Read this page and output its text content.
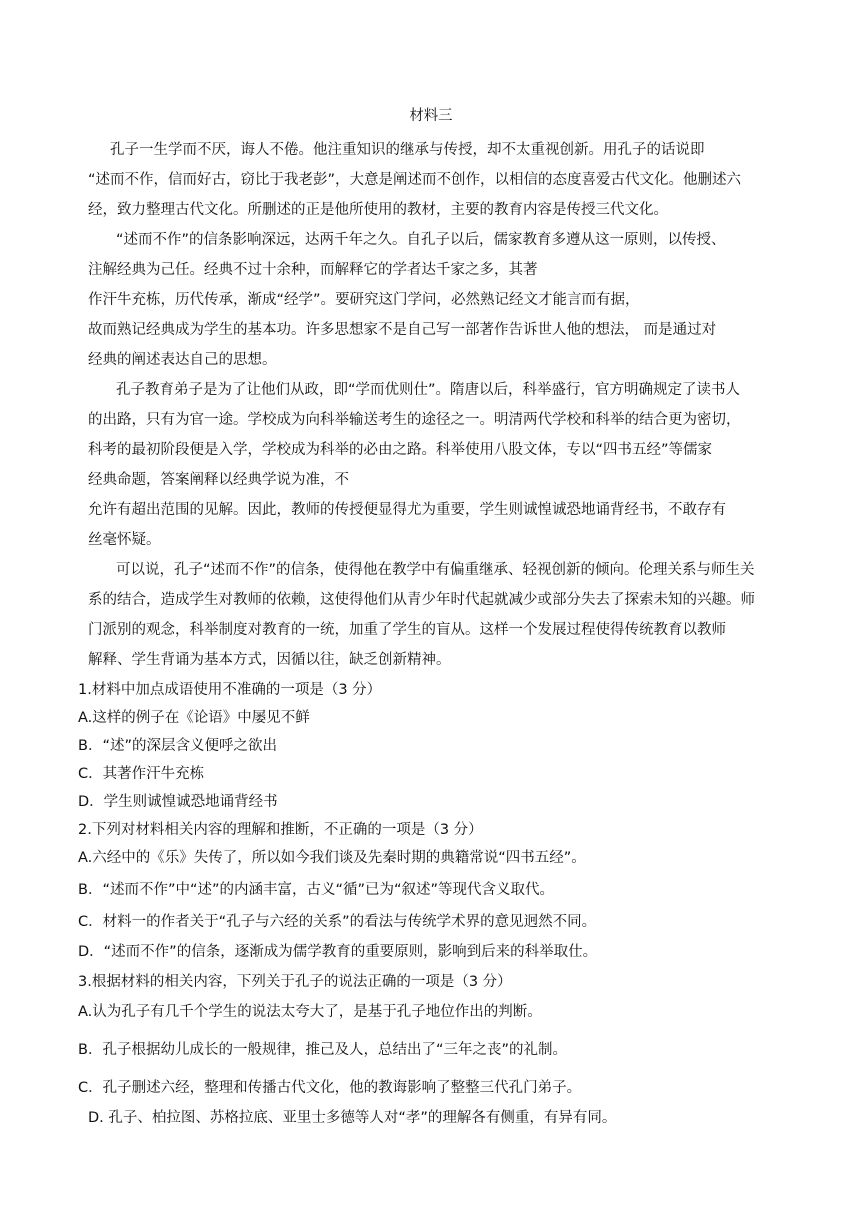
材料三
孔子一生学而不厌，诲人不倦。他注重知识的继承与传授，却不太重视创新。用孔子的话说即
“述而不作，信而好古，窃比于我老彭”，大意是阐述而不创作，以相信的态度喜爱古代文化。他删述六
经，致力整理古代文化。所删述的正是他所使用的教材，主要的教育内容是传授三代文化。
“述而不作”的信条影响深远，达两千年之久。自孔子以后，儒家教育多遵从这一原则，以传授、
注解经典为己任。经典不过十余种，而解释它的学者达千家之多，其著
作汗牛充栋，历代传承，渐成“经学”。要研究这门学问，必然熟记经文才能言而有据，
故而熟记经典成为学生的基本功。许多思想家不是自己写一部著作告诉世人他的想法， 而是通过对
经典的阐述表达自己的思想。
孔子教育弟子是为了让他们从政，即“学而优则仕”。隋唐以后，科举盛行，官方明确规定了读书人
的出路，只有为官一途。学校成为向科举输送考生的途径之一。明清两代学校和科举的结合更为密切，
科考的最初阶段便是入学，学校成为科举的必由之路。科举使用八股文体，专以“四书五经”等儒家
经典命题，答案阐释以经典学说为准，不
允许有超出范围的见解。因此，教师的传授便显得尤为重要，学生则诚惶诚恐地诵背经书，不敢存有
丝毫怀疑。
可以说，孔子“述而不作”的信条，使得他在教学中有偏重继承、轻视创新的倾向。伦理关系与师生关
系的结合，造成学生对教师的依赖，这使得他们从青少年时代起就减少或部分失去了探索未知的兴趣。师
门派别的观念，科举制度对教育的一统，加重了学生的盲从。这样一个发展过程使得传统教育以教师
解释、学生背诵为基本方式，因循以往，缺乏创新精神。
1.材料中加点成语使用不准确的一项是（3 分）
A.这样的例子在《论语》中屡见不鲜
B．“述”的深层含义便呼之欲出
C．其著作汗牛充栋
D．学生则诚惶诚恐地诵背经书
2.下列对材料相关内容的理解和推断，不正确的一项是（3 分）
A.六经中的《乐》失传了，所以如今我们谈及先秦时期的典籍常说“四书五经”。
B．“述而不作”中“述”的内涵丰富，古义“循”已为“叙述”等现代含义取代。
C．材料一的作者关于“孔子与六经的关系”的看法与传统学术界的意见迥然不同。
D．“述而不作”的信条，逐渐成为儒学教育的重要原则，影响到后来的科举取仕。
3.根据材料的相关内容，下列关于孔子的说法正确的一项是（3 分）
A.认为孔子有几千个学生的说法太夸大了，是基于孔子地位作出的判断。
B．孔子根据幼儿成长的一般规律，推己及人，总结出了“三年之丧”的礼制。
C．孔子删述六经，整理和传播古代文化，他的教诲影响了整整三代孔门弟子。
D. 孔子、柏拉图、苏格拉底、亚里士多德等人对“孝”的理解各有侧重，有异有同。
